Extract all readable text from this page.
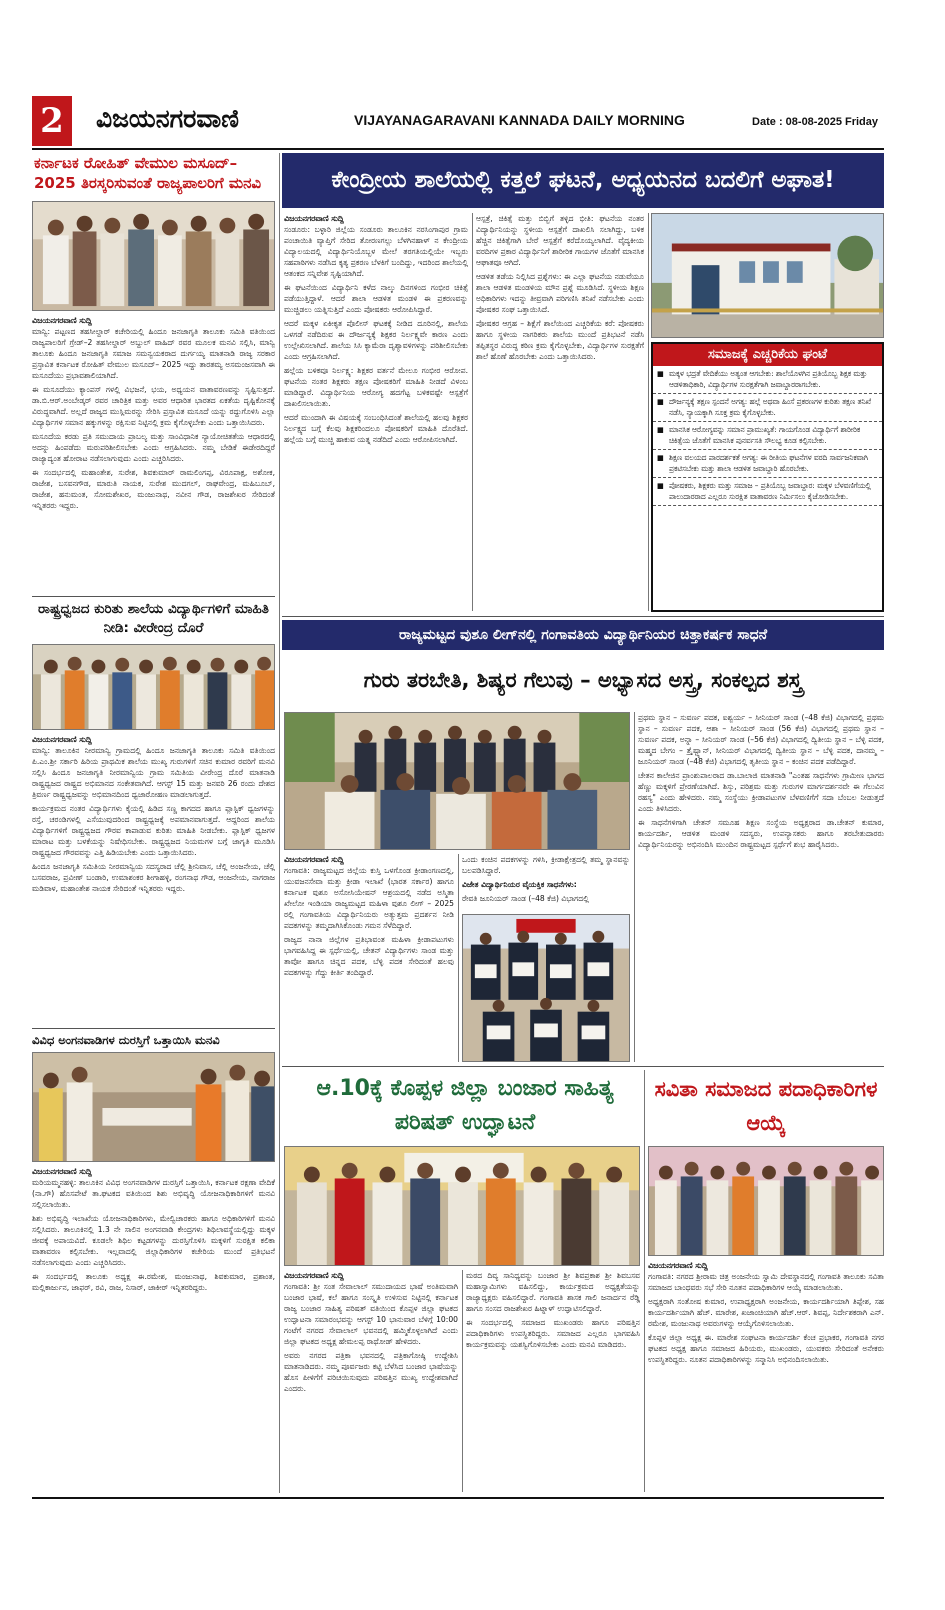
2	ವಿಜಯನಗರವಾಣಿ	VIJAYANAGARAVANI KANNADA DAILY MORNING	Date : 08-08-2025 Friday
ಕರ್ನಾಟಕ ರೋಹಿತ್ ವೇಮುಲ ಮಸೂದ್– 2025 ತಿರಸ್ಕರಿಸುವಂತೆ ರಾಜ್ಯಪಾಲರಿಗೆ ಮನವಿ

ವಿಜಯನಗರವಾಣಿ ಸುದ್ದಿ

ಮಾನ್ವಿ: ಪಟ್ಟಣದ ತಹಸೀಲ್ದಾರ್ ಕಚೇರಿಯಲ್ಲಿ ಹಿಂದೂ ಜನಜಾಗೃತಿ ತಾಲೂಕು ಸಮಿತಿ ವತಿಯಿಂದ ರಾಜ್ಯಪಾಲರಿಗೆ ಗ್ರೇಡ್–2 ತಹಸೀಲ್ದಾರ್ ಅಬ್ದುಲ್ ವಾಹಿದ್ ರವರ ಮೂಲಕ ಮನವಿ ಸಲ್ಲಿಸಿ, ಮಾನ್ವಿ ತಾಲೂಕು ಹಿಂದೂ ಜನಜಾಗೃತಿ ಸಮಾಜ ಸಮನ್ವಯಕರಾದ ದುರ್ಗಯ್ಯ ಮಾತನಾಡಿ ರಾಜ್ಯ ಸರಕಾರ ಪ್ರಸ್ತಾವಿತ ಕರ್ನಾಟಕ ರೋಹಿತ್ ವೇಮುಲ ಮಸೂದ್– 2025 ಇದ್ದು ತಾರತಮ್ಯ ಅಸಮಂಜಸವಾಗಿ ಈ ಮಸೂದೆಯು ಪ್ರಭಾವಶಾಲಿಯಾಗಿದೆ.

ಈ ಮಸೂದೆಯು ಕ್ಯಾಂಪಸ್ ಗಳಲ್ಲಿ ವಿಭಜನೆ, ಭಯ, ಅಧ್ಯಯನ ವಾತಾವರಣವನ್ನು ಸೃಷ್ಟಿಸುತ್ತದೆ. ಡಾ.ಬಿ.ಆರ್.ಅಂಬೇಡ್ಕರ್ ರವರ ಚಾರಿತ್ರಿಕ ಮತ್ತು ಅವರ ಆಧಾರಿತ ಭಾರತದ ಏಕತೆಯ ದೃಷ್ಟಿಕೋನಕ್ಕೆ ವಿರುದ್ಧವಾಗಿದೆ. ಅಲ್ಲದೆ ರಾಜ್ಯದ ಮುಸ್ಲಿಮರನ್ನು ಸೇರಿಸಿ ಪ್ರಸ್ತಾವಿತ ಮಸೂದೆ ಯನ್ನು ರದ್ದುಗೊಳಿಸಿ ಎಲ್ಲಾ ವಿದ್ಯಾರ್ಥಿಗಳ ಸಮಾನ ಹಕ್ಕುಗಳನ್ನು ರಕ್ಷಿಸುವ ನಿಟ್ಟಿನಲ್ಲಿ ಕ್ರಮ ಕೈಗೊಳ್ಳಬೇಕು ಎಂದು ಒತ್ತಾಯಿಸಿದರು.

ಮಸೂದೆಯ ಕರಡು ಪ್ರತಿ ಸಮುದಾಯ ಪ್ರಾಬಲ್ಯ ಮತ್ತು ಸಾಂವಿಧಾನಿಕ ನ್ಯಾಯೋಚಿತತೆಯ ಆಧಾರದಲ್ಲಿ ಅದನ್ನು ಹಿಂಪಡೆದು ಮರುಪರಿಶೀಲಿಸಬೇಕು ಎಂದು ಆಗ್ರಹಿಸಿದರು. ನಮ್ಮ ಬೇಡಿಕೆ ಈಡೇರದಿದ್ದರೆ ರಾಜ್ಯಾದ್ಯಂತ ಹೋರಾಟ ನಡೆಸಲಾಗುವುದು ಎಂದು ಎಚ್ಚರಿಸಿದರು.

ಈ ಸಂದರ್ಭದಲ್ಲಿ ಮಹಾಂತೇಶ, ಸುರೇಶ, ಶಿವಕುಮಾರ್ ರಾಮಲಿಂಗಪ್ಪ, ವಿರೂಪಾಕ್ಷ, ಅಶೋಕ, ರಾಜೇಶ, ಬಸವನಗೌಡ, ಮಾರುತಿ ನಾಯಕ, ಸುರೇಶ ಮುದಗಲ್, ರಾಘವೇಂದ್ರ, ಮಹಿಬೂಬ್, ರಾಜೇಶ, ಹನುಮಂತ, ಸೋಮಶೇಖರ, ಮಂಜುನಾಥ, ನವೀನ ಗೌಡ, ರಾಜಶೇಖರ ಸೇರಿದಂತೆ ಇನ್ನಿತರರು ಇದ್ದರು.

ರಾಷ್ಟ್ರಧ್ವಜದ ಕುರಿತು ಶಾಲೆಯ ವಿದ್ಯಾರ್ಥಿಗಳಿಗೆ ಮಾಹಿತಿ ನೀಡಿ: ವೀರೇಂದ್ರ ದೊರೆ

ವಿಜಯನಗರವಾಣಿ ಸುದ್ದಿ

ಮಾನ್ವಿ: ತಾಲೂಕಿನ ನೀರಮಾನ್ವಿ ಗ್ರಾಮದಲ್ಲಿ ಹಿಂದೂ ಜನಜಾಗೃತಿ ತಾಲೂಕು ಸಮಿತಿ ವತಿಯಿಂದ ಪಿ.ಎಂ.ಶ್ರೀ ಸರ್ಕಾರಿ ಹಿರಿಯ ಪ್ರಾಥಮಿಕ ಶಾಲೆಯ ಮುಖ್ಯ ಗುರುಗಳಿಗೆ ಸಚಿನ ಕುಮಾರ ರವರಿಗೆ ಮನವಿ ಸಲ್ಲಿಸಿ ಹಿಂದೂ ಜನಜಾಗೃತಿ ನೀರಮಾನ್ವಿಯ ಗ್ರಾಮ ಸಮಿತಿಯ ವೀರೇಂದ್ರ ದೊರೆ ಮಾತನಾಡಿ ರಾಷ್ಟ್ರಧ್ವಜದ ರಾಷ್ಟ್ರದ ಅಭಿಮಾನದ ಸಂಕೇತವಾಗಿದೆ. ಆಗಸ್ಟ್ 15 ಮತ್ತು ಜನವರಿ 26 ರಂದು ದೇಶದ ತ್ರಿವರ್ಣ ರಾಷ್ಟ್ರಧ್ವಜವನ್ನು ಅಭಿಮಾನದಿಂದ ಧ್ವಜಾರೋಹಣ ಮಾಡಲಾಗುತ್ತದೆ.

ಕಾರ್ಯಕ್ರಮದ ನಂತರ ವಿದ್ಯಾರ್ಥಿಗಳು ಕೈಯಲ್ಲಿ ಹಿಡಿದ ಸಣ್ಣ ಕಾಗದದ ಹಾಗೂ ಪ್ಲಾಸ್ಟಿಕ್ ಧ್ವಜಗಳನ್ನು ರಸ್ತೆ, ಚರಂಡಿಗಳಲ್ಲಿ ಎಸೆಯುವುದರಿಂದ ರಾಷ್ಟ್ರಧ್ವಜಕ್ಕೆ ಅಪಮಾನವಾಗುತ್ತದೆ. ಆದ್ದರಿಂದ ಶಾಲೆಯ ವಿದ್ಯಾರ್ಥಿಗಳಿಗೆ ರಾಷ್ಟ್ರಧ್ವಜದ ಗೌರವ ಕಾಪಾಡುವ ಕುರಿತು ಮಾಹಿತಿ ನೀಡಬೇಕು. ಪ್ಲಾಸ್ಟಿಕ್ ಧ್ವಜಗಳ ಮಾರಾಟ ಮತ್ತು ಬಳಕೆಯನ್ನು ನಿಷೇಧಿಸಬೇಕು. ರಾಷ್ಟ್ರಧ್ವಜದ ನಿಯಮಗಳ ಬಗ್ಗೆ ಜಾಗೃತಿ ಮೂಡಿಸಿ ರಾಷ್ಟ್ರಧ್ವಜದ ಗೌರವವನ್ನು ಎತ್ತಿ ಹಿಡಿಯಬೇಕು ಎಂದು ಒತ್ತಾಯಿಸಿದರು.

ಹಿಂದೂ ಜನಜಾಗೃತಿ ಸಮಿತಿಯ ನೀರಮಾನ್ವಿಯ ಸದಸ್ಯರಾದ ಚೆಲ್ಲಿ ಶ್ರೀನಿವಾಸ, ಚೆಲ್ಲಿ ಅಂಜನೇಯ, ಚೆಲ್ಲಿ ಬಸವರಾಜ, ಪ್ರವೀಣ್ ಬಂಡಾರಿ, ಉಮಾಶಂಕರ ಶೀಗಾಹಳ್ಳಿ, ರಂಗನಾಥ ಗೌಡ, ಆಂಜನೇಯ, ನಾಗರಾಜ ಮಡಿವಾಳ, ಮಹಾಂತೇಶ ನಾಯಕ ಸೇರಿದಂತೆ ಇನ್ನಿತರರು ಇದ್ದರು.

ವಿವಿಧ ಅಂಗನವಾಡಿಗಳ ದುರಸ್ತಿಗೆ ಒತ್ತಾಯಿಸಿ ಮನವಿ

ವಿಜಯನಗರವಾಣಿ ಸುದ್ದಿ

ಮರಿಯಮ್ಮನಹಳ್ಳಿ: ತಾಲೂಕಿನ ವಿವಿಧ ಅಂಗನವಾಡಿಗಳ ದುರಸ್ತಿಗೆ ಒತ್ತಾಯಿಸಿ, ಕರ್ನಾಟಕ ರಕ್ಷಣಾ ವೇದಿಕೆ (ನಾ.ಗೌ) ಹೊಸಪೇಟೆ ತಾ.ಘಟಕದ ವತಿಯಿಂದ ಶಿಶು ಅಭಿವೃದ್ಧಿ ಯೋಜನಾಧಿಕಾರಿಗಳಿಗೆ ಮನವಿ ಸಲ್ಲಿಸಲಾಯಿತು.

ಶಿಶು ಅಭಿವೃದ್ಧಿ ಇಲಾಖೆಯ ಯೋಜನಾಧಿಕಾರಿಗಳು, ಮೇಲ್ವಿಚಾರಕರು ಹಾಗೂ ಅಧಿಕಾರಿಗಳಿಗೆ ಮನವಿ ಸಲ್ಲಿಸಿದರು. ತಾಲೂಕಿನಲ್ಲಿ 1.3 ನೇ ಸಾಲಿನ ಅಂಗನವಾಡಿ ಕೇಂದ್ರಗಳು ಶಿಥಿಲಾವಸ್ಥೆಯಲ್ಲಿದ್ದು ಮಕ್ಕಳ ಜೀವಕ್ಕೆ ಅಪಾಯವಿದೆ. ಕೂಡಲೇ ಶಿಥಿಲ ಕಟ್ಟಡಗಳನ್ನು ದುರಸ್ತಿಗೊಳಿಸಿ ಮಕ್ಕಳಿಗೆ ಸುರಕ್ಷಿತ ಕಲಿಕಾ ವಾತಾವರಣ ಕಲ್ಪಿಸಬೇಕು. ಇಲ್ಲವಾದಲ್ಲಿ ಜಿಲ್ಲಾಧಿಕಾರಿಗಳ ಕಚೇರಿಯ ಮುಂದೆ ಪ್ರತಿಭಟನೆ ನಡೆಸಲಾಗುವುದು ಎಂದು ಎಚ್ಚರಿಸಿದರು.

ಈ ಸಂದರ್ಭದಲ್ಲಿ ತಾಲೂಕು ಅಧ್ಯಕ್ಷ ಈ.ರಮೇಶ, ಮಂಜುನಾಥ, ಶಿವಕುಮಾರ, ಪ್ರಶಾಂತ, ಮಲ್ಲಿಕಾರ್ಜುನ, ಜಾಫರ್, ರವಿ, ರಾಜ, ನಿಸಾರ್, ಜಾಕೀರ್ ಇನ್ನಿತರರಿದ್ದರು.

ಕೇಂದ್ರೀಯ ಶಾಲೆಯಲ್ಲಿ ಕತ್ತಲೆ ಘಟನೆ, ಅಧ್ಯಯನದ ಬದಲಿಗೆ ಅಘಾತ!

ವಿಜಯನಗರವಾಣಿ ಸುದ್ದಿ

ಸಂಡೂರು: ಬಳ್ಳಾರಿ ಜಿಲ್ಲೆಯ ಸಂಡೂರು ತಾಲೂಕಿನ ನರಸಿಂಗಾಪುರ ಗ್ರಾಮ ಪಂಚಾಯಿತಿ ವ್ಯಾಪ್ತಿಗೆ ಸೇರಿದ ತೋರಣಗಲ್ಲು ಬೆಳಗಿನಹಾಳ್ ನ ಕೇಂದ್ರೀಯ ವಿದ್ಯಾಲಯದಲ್ಲಿ ವಿದ್ಯಾರ್ಥಿನಿಯೊಬ್ಬಳ ಮೇಲೆ ತರಗತಿಯಲ್ಲಿಯೇ ಇಬ್ಬರು ಸಹಪಾಠಿಗಳು ನಡೆಸಿದ ಕೃತ್ಯ ಪ್ರಕರಣ ಬೆಳಕಿಗೆ ಬಂದಿದ್ದು, ಇದರಿಂದ ಶಾಲೆಯಲ್ಲಿ ಆತಂಕದ ಸನ್ನಿವೇಶ ಸೃಷ್ಟಿಯಾಗಿದೆ.

ಈ ಘಟನೆಯಿಂದ ವಿದ್ಯಾರ್ಥಿನಿ ಕಳೆದ ನಾಲ್ಕು ದಿನಗಳಿಂದ ಗಂಭೀರ ಚಿಕಿತ್ಸೆ ಪಡೆಯುತ್ತಿದ್ದಾಳೆ. ಆದರೆ ಶಾಲಾ ಆಡಳಿತ ಮಂಡಳಿ ಈ ಪ್ರಕರಣವನ್ನು ಮುಚ್ಚಿಡಲು ಯತ್ನಿಸುತ್ತಿದೆ ಎಂದು ಪೋಷಕರು ಆರೋಪಿಸಿದ್ದಾರೆ.

ಆದರೆ ಮಕ್ಕಳ ಏಕೀಕೃತ ಪೊಲೀಸ್ ಘಟಕಕ್ಕೆ ನೀಡಿದ ದೂರಿನಲ್ಲಿ, ಶಾಲೆಯ ಒಳಗಡೆ ನಡೆದಿರುವ ಈ ದೌರ್ಜನ್ಯಕ್ಕೆ ಶಿಕ್ಷಕರ ನಿರ್ಲಕ್ಷ್ಯವೇ ಕಾರಣ ಎಂದು ಉಲ್ಲೇಖಿಸಲಾಗಿದೆ. ಶಾಲೆಯ ಸಿಸಿ ಕ್ಯಾಮೆರಾ ದೃಶ್ಯಾವಳಿಗಳನ್ನು ಪರಿಶೀಲಿಸಬೇಕು ಎಂದು ಆಗ್ರಹಿಸಲಾಗಿದೆ.

ಹಲ್ಲೆಯ ಬಳಿಕವೂ ನಿರ್ಲಕ್ಷ್ಯ: ಶಿಕ್ಷಕರ ವರ್ತನೆ ಮೇಲೂ ಗಂಭೀರ ಆರೋಪ. ಘಟನೆಯ ನಂತರ ಶಿಕ್ಷಕರು ತಕ್ಷಣ ಪೋಷಕರಿಗೆ ಮಾಹಿತಿ ನೀಡದೆ ವಿಳಂಬ ಮಾಡಿದ್ದಾರೆ. ವಿದ್ಯಾರ್ಥಿನಿಯ ಆರೋಗ್ಯ ಹದಗೆಟ್ಟ ಬಳಿಕವಷ್ಟೇ ಆಸ್ಪತ್ರೆಗೆ ದಾಖಲಿಸಲಾಯಿತು.

ಆದರೆ ಮುಂದಾಗಿ ಈ ವಿಷಯಕ್ಕೆ ಸಂಬಂಧಿಸಿದಂತೆ ಶಾಲೆಯಲ್ಲಿ ಹಲವು ಶಿಕ್ಷಕರ ನಿರ್ಲಕ್ಷ್ಯದ ಬಗ್ಗೆ ಕೆಲವು ಶಿಕ್ಷಕರಿಂದಲೂ ಪೋಷಕರಿಗೆ ಮಾಹಿತಿ ದೊರೆತಿದೆ. ಹಲ್ಲೆಯ ಬಗ್ಗೆ ಮುಚ್ಚಿ ಹಾಕುವ ಯತ್ನ ನಡೆದಿದೆ ಎಂದು ಆರೋಪಿಸಲಾಗಿದೆ.

ಆಸ್ಪತ್ರೆ, ಚಿಕಿತ್ಸೆ ಮತ್ತು ಬಿಬ್ಬಿಗೆ ತಳ್ಳಿದ ಭೀತಿ: ಘಟನೆಯ ನಂತರ ವಿದ್ಯಾರ್ಥಿನಿಯನ್ನು ಸ್ಥಳೀಯ ಆಸ್ಪತ್ರೆಗೆ ದಾಖಲಿಸಿ ಸಲಾಗಿದ್ದು, ಬಳಿಕ ಹೆಚ್ಚಿನ ಚಿಕಿತ್ಸೆಗಾಗಿ ಬೇರೆ ಆಸ್ಪತ್ರೆಗೆ ಕರೆದೊಯ್ಯಲಾಗಿದೆ. ವೈದ್ಯಕೀಯ ವರದಿಗಳ ಪ್ರಕಾರ ವಿದ್ಯಾರ್ಥಿನಿಗೆ ಶಾರೀರಿಕ ಗಾಯಗಳ ಜೊತೆಗೆ ಮಾನಸಿಕ ಆಘಾತವೂ ಆಗಿದೆ.

ಆಡಳಿತ ತಡೆಯ ನಿಲ್ಲಿಸಿದ ಪ್ರಶ್ನೆಗಳು: ಈ ಎಲ್ಲಾ ಘಟನೆಯ ನಡುವೆಯೂ ಶಾಲಾ ಆಡಳಿತ ಮಂಡಳಿಯ ಮೌನ ಪ್ರಶ್ನೆ ಮೂಡಿಸಿದೆ. ಸ್ಥಳೀಯ ಶಿಕ್ಷಣ ಅಧಿಕಾರಿಗಳು ಇದನ್ನು ತೀವ್ರವಾಗಿ ಪರಿಗಣಿಸಿ ತನಿಖೆ ನಡೆಸಬೇಕು ಎಂದು ಪೋಷಕರ ಸಂಘ ಒತ್ತಾಯಿಸಿದೆ.

ಪೋಷಕರ ಆಗ್ರಹ – ಶಿಕ್ಷೆಗೆ ಶಾಲೆಯಿಂದ ಎಚ್ಚರಿಕೆಯ ಕರೆ: ಪೋಷಕರು ಹಾಗೂ ಸ್ಥಳೀಯ ನಾಗರಿಕರು ಶಾಲೆಯ ಮುಂದೆ ಪ್ರತಿಭಟನೆ ನಡೆಸಿ ತಪ್ಪಿತಸ್ಥರ ವಿರುದ್ಧ ಕಠಿಣ ಕ್ರಮ ಕೈಗೊಳ್ಳಬೇಕು, ವಿದ್ಯಾರ್ಥಿಗಳ ಸುರಕ್ಷತೆಗೆ ಶಾಲೆ ಹೊಣೆ ಹೊರಬೇಕು ಎಂದು ಒತ್ತಾಯಿಸಿದರು.	ಸಮಾಜಕ್ಕೆ ಎಚ್ಚರಿಕೆಯ ಘಂಟೆ
■ ಮಕ್ಕಳ ಭದ್ರತೆ ವೇದಿಕೆಯು ಅತ್ಯಂತ ಆಗಬೇಕು: ಶಾಲೆಯೊಳಗಿನ ಪ್ರತಿಯೊಬ್ಬ ಶಿಕ್ಷಕ ಮತ್ತು ಆಡಳಿತಾಧಿಕಾರಿ, ವಿದ್ಯಾರ್ಥಿಗಳ ಸುರಕ್ಷತೆಗಾಗಿ ಜವಾಬ್ದಾರರಾಗಬೇಕು.
■ ದೌರ್ಜನ್ಯಕ್ಕೆ ತಕ್ಷಣ ಸ್ಪಂದನೆ ಅಗತ್ಯ: ಹಲ್ಲೆ ಅಥವಾ ಹಿಂಸೆ ಪ್ರಕರಣಗಳ ಕುರಿತು ತಕ್ಷಣ ತನಿಖೆ ನಡೆಸಿ, ನ್ಯಾಯಕ್ಕಾಗಿ ಸೂಕ್ತ ಕ್ರಮ ಕೈಗೊಳ್ಳಬೇಕು.
■ ಮಾನಸಿಕ ಆರೋಗ್ಯವನ್ನು ಸಮಾನ ಪ್ರಾಮುಖ್ಯತೆ: ಗಾಯಗೊಂಡ ವಿದ್ಯಾರ್ಥಿಗೆ ಶಾರೀರಿಕ ಚಿಕಿತ್ಸೆಯ ಜೊತೆಗೆ ಮಾನಸಿಕ ಪುನರ್ವಸತಿ ಸೌಲಭ್ಯ ಕೂಡ ಕಲ್ಪಿಸಬೇಕು.
■ ಶಿಕ್ಷಣ ವಲಯದ ಪಾರದರ್ಶಕತೆ ಅಗತ್ಯ: ಈ ರೀತಿಯ ಘಟನೆಗಳ ವರದಿ ಸಾರ್ವಜನಿಕವಾಗಿ ಪ್ರಕಟಿಸಬೇಕು ಮತ್ತು ಶಾಲಾ ಆಡಳಿತ ಜವಾಬ್ದಾರಿ ಹೊರಬೇಕು.
■ ಪೋಷಕರು, ಶಿಕ್ಷಕರು ಮತ್ತು ಸಮಾಜ – ಪ್ರತಿಯೊಬ್ಬ ಜವಾಬ್ದಾರ: ಮಕ್ಕಳ ಬೆಳವಣಿಗೆಯಲ್ಲಿ ಪಾಲುದಾರರಾದ ಎಲ್ಲರೂ ಸುರಕ್ಷಿತ ವಾತಾವರಣ ನಿರ್ಮಿಸಲು ಕೈಜೋಡಿಸಬೇಕು.
ರಾಜ್ಯಮಟ್ಟದ ವುಶೂ ಲೀಗ್‌ನಲ್ಲಿ ಗಂಗಾವತಿಯ ವಿದ್ಯಾರ್ಥಿನಿಯರ ಚಿತ್ತಾಕರ್ಷಕ ಸಾಧನೆ
ಗುರು ತರಬೇತಿ, ಶಿಷ್ಯರ ಗೆಲುವು – ಅಭ್ಯಾಸದ ಅಸ್ತ್ರ, ಸಂಕಲ್ಪದ ಶಸ್ತ್ರ

ವಿಜಯನಗರವಾಣಿ ಸುದ್ದಿ

ಗಂಗಾವತಿ: ರಾಜ್ಯಮಟ್ಟದ ಜಿಲ್ಲೆಯ ಕುಸ್ತಿ ಒಳಗೊಂಡ ಕ್ರೀಡಾಂಗಣದಲ್ಲಿ, ಯುವಜನಸೇವಾ ಮತ್ತು ಕ್ರೀಡಾ ಇಲಾಖೆ (ಭಾರತ ಸರ್ಕಾರ) ಹಾಗೂ ಕರ್ನಾಟಕ ವುಶೂ ಅಸೋಸಿಯೇಷನ್ ಆಶ್ರಯದಲ್ಲಿ ನಡೆದ ಅಸ್ಮಿತಾ ಖೇಲೋ ಇಂಡಿಯಾ ರಾಜ್ಯಮಟ್ಟದ ಮಹಿಳಾ ವುಶೂ ಲೀಗ್ – 2025 ರಲ್ಲಿ ಗಂಗಾವತಿಯ ವಿದ್ಯಾರ್ಥಿನಿಯರು ಅತ್ಯುತ್ತಮ ಪ್ರದರ್ಶನ ನೀಡಿ ಪದಕಗಳನ್ನು ತಮ್ಮದಾಗಿಸಿಕೊಂಡು ಗಮನ ಸೆಳೆದಿದ್ದಾರೆ.

ರಾಜ್ಯದ ನಾನಾ ಜಿಲ್ಲೆಗಳ ಪ್ರತಿಭಾವಂತ ಮಹಿಳಾ ಕ್ರೀಡಾಪಟುಗಳು ಭಾಗವಹಿಸಿದ್ದ ಈ ಸ್ಪರ್ಧೆಯಲ್ಲಿ, ಚೇತನ್ ವಿದ್ಯಾರ್ಥಿಗಳು ಸಾಂಡ ಮತ್ತು ತಾವೋ ಹಾಗೂ ಚಿನ್ನದ ಪದಕ, ಬೆಳ್ಳಿ ಪದಕ ಸೇರಿದಂತೆ ಹಲವು ಪದಕಗಳನ್ನು ಗೆದ್ದು ಕೀರ್ತಿ ತಂದಿದ್ದಾರೆ.

ಒಂದು ಕಂಚಿನ ಪದಕಗಳನ್ನು ಗಳಿಸಿ, ಕ್ರೀಡಾಕ್ಷೇತ್ರದಲ್ಲಿ ತಮ್ಮ ಸ್ಥಾನವನ್ನು ಬಲಪಡಿಸಿದ್ದಾರೆ.

ವಿಜೇತ ವಿದ್ಯಾರ್ಥಿನಿಯರ ವೈಯಕ್ತಿಕ ಸಾಧನೆಗಳು:

ರೇವತಿ ಜೂನಿಯರ್ ಸಾಂಡ (–48 ಕೆಜಿ) ವಿಭಾಗದಲ್ಲಿ

ಪ್ರಥಮ ಸ್ಥಾನ – ಸುವರ್ಣ ಪದಕ, ಐಶ್ವರ್ಯ – ಸೀನಿಯರ್ ಸಾಂಡ (–48 ಕೆಜಿ) ವಿಭಾಗದಲ್ಲಿ ಪ್ರಥಮ ಸ್ಥಾನ – ಸುವರ್ಣ ಪದಕ, ಆಶಾ – ಸೀನಿಯರ್ ಸಾಂಡ (56 ಕೆಜಿ) ವಿಭಾಗದಲ್ಲಿ ಪ್ರಥಮ ಸ್ಥಾನ – ಸುವರ್ಣ ಪದಕ, ಅನ್ನಾ – ಸೀನಿಯರ್ ಸಾಂಡ (–56 ಕೆಜಿ) ವಿಭಾಗದಲ್ಲಿ ದ್ವಿತೀಯ ಸ್ಥಾನ – ಬೆಳ್ಳಿ ಪದಕ, ಮಹ್ಮದ ಬೇಗಂ – ತ್ರೈಷ್ಟ್ಯಾನ್, ಸೀನಿಯರ್ ವಿಭಾಗದಲ್ಲಿ ದ್ವಿತೀಯ ಸ್ಥಾನ – ಬೆಳ್ಳಿ ಪದಕ, ದಾನಮ್ಮ – ಜೂನಿಯರ್ ಸಾಂಡ (–48 ಕೆಜಿ) ವಿಭಾಗದಲ್ಲಿ ತೃತೀಯ ಸ್ಥಾನ – ಕಂಚಿನ ಪದಕ ಪಡೆದಿದ್ದಾರೆ.

ಚೇತನ ಕಾಲೇಜಿನ ಪ್ರಾಂಶುಪಾಲರಾದ ಡಾ.ಬಾಲಾಜಿ ಮಾತನಾಡಿ "ಎಂತಹ ಸಾಧನೆಗಳು ಗ್ರಾಮೀಣ ಭಾಗದ ಹೆಣ್ಣು ಮಕ್ಕಳಿಗೆ ಪ್ರೇರಣೆಯಾಗಿದೆ. ಶಿಸ್ತು, ಪರಿಶ್ರಮ ಮತ್ತು ಗುರುಗಳ ಮಾರ್ಗದರ್ಶನವೇ ಈ ಗೆಲುವಿನ ರಹಸ್ಯ" ಎಂದು ಹೇಳಿದರು. ನಮ್ಮ ಸಂಸ್ಥೆಯು ಕ್ರೀಡಾಪಟುಗಳ ಬೆಳವಣಿಗೆಗೆ ಸದಾ ಬೆಂಬಲ ನೀಡುತ್ತದೆ ಎಂದು ತಿಳಿಸಿದರು.

ಈ ಸಾಧನೆಗಳಿಗಾಗಿ ಚೇತನ್ ಸಮೂಹ ಶಿಕ್ಷಣ ಸಂಸ್ಥೆಯ ಅಧ್ಯಕ್ಷರಾದ ಡಾ.ಚೇತನ್ ಕುಮಾರ, ಕಾರ್ಯದರ್ಶಿ, ಆಡಳಿತ ಮಂಡಳಿ ಸದಸ್ಯರು, ಉಪನ್ಯಾಸಕರು ಹಾಗೂ ತರಬೇತುದಾರರು ವಿದ್ಯಾರ್ಥಿನಿಯರನ್ನು ಅಭಿನಂದಿಸಿ ಮುಂದಿನ ರಾಷ್ಟ್ರಮಟ್ಟದ ಸ್ಪರ್ಧೆಗೆ ಶುಭ ಹಾರೈಸಿದರು.

ಆ.10ಕ್ಕೆ ಕೊಪ್ಪಳ ಜಿಲ್ಲಾ ಬಂಜಾರ ಸಾಹಿತ್ಯ ಪರಿಷತ್ ಉದ್ಘಾಟನೆ

ವಿಜಯನಗರವಾಣಿ ಸುದ್ದಿ

ಗಂಗಾವತಿ: ಶ್ರೀ ಸಂತ ಸೇವಾಲಾಲ್ ಸಮುದಾಯದ ಭಾಷೆ ಅಂತಿಮವಾಗಿ ಬಂಜಾರ ಭಾಷೆ, ಕಲೆ ಹಾಗೂ ಸಂಸ್ಕೃತಿ ಉಳಿಸುವ ನಿಟ್ಟಿನಲ್ಲಿ ಕರ್ನಾಟಕ ರಾಜ್ಯ ಬಂಜಾರ ಸಾಹಿತ್ಯ ಪರಿಷತ್ ವತಿಯಿಂದ ಕೊಪ್ಪಳ ಜಿಲ್ಲಾ ಘಟಕದ ಉದ್ಘಾಟನಾ ಸಮಾರಂಭವನ್ನು ಆಗಸ್ಟ್ 10 ಭಾನುವಾರ ಬೆಳಿಗ್ಗೆ 10:00 ಗಂಟೆಗೆ ನಗರದ ಸೇವಾಲಾಲ್ ಭವನದಲ್ಲಿ ಹಮ್ಮಿಕೊಳ್ಳಲಾಗಿದೆ ಎಂದು ಜಿಲ್ಲಾ ಘಟಕದ ಅಧ್ಯಕ್ಷ ಹೇಮಲಪ್ಪ ರಾಥೋಡ್ ಹೇಳಿದರು.

ಅವರು ನಗರದ ಪತ್ರಿಕಾ ಭವನದಲ್ಲಿ ಪತ್ರಿಕಾಗೋಷ್ಠಿ ಉದ್ದೇಶಿಸಿ ಮಾತನಾಡಿದರು. ನಮ್ಮ ಪೂರ್ವಜರು ಕಟ್ಟಿ ಬೆಳೆಸಿದ ಬಂಜಾರ ಭಾಷೆಯನ್ನು ಹೊಸ ಪೀಳಿಗೆಗೆ ಪರಿಚಯಿಸುವುದು ಪರಿಷತ್ತಿನ ಮುಖ್ಯ ಉದ್ದೇಶವಾಗಿದೆ ಎಂದರು.

ಮಠದ ದಿವ್ಯ ಸಾನಿಧ್ಯವನ್ನು ಬಂಜಾರ ಶ್ರೀ ಶಿವಪ್ರಕಾಶ ಶ್ರೀ ಶಿವಬಸವ ಮಹಾಸ್ವಾಮಿಗಳು ವಹಿಸಲಿದ್ದು, ಕಾರ್ಯಕ್ರಮದ ಅಧ್ಯಕ್ಷತೆಯನ್ನು ರಾಜ್ಯಾಧ್ಯಕ್ಷರು ವಹಿಸಲಿದ್ದಾರೆ. ಗಂಗಾವತಿ ಶಾಸಕ ಗಾಲಿ ಜನಾರ್ದನ ರೆಡ್ಡಿ ಹಾಗೂ ಸಂಸದ ರಾಜಶೇಖರ ಹಿಟ್ನಾಳ್ ಉದ್ಘಾಟಿಸಲಿದ್ದಾರೆ.

ಈ ಸಂದರ್ಭದಲ್ಲಿ ಸಮಾಜದ ಮುಖಂಡರು ಹಾಗೂ ಪರಿಷತ್ತಿನ ಪದಾಧಿಕಾರಿಗಳು ಉಪಸ್ಥಿತರಿದ್ದರು. ಸಮಾಜದ ಎಲ್ಲರೂ ಭಾಗವಹಿಸಿ ಕಾರ್ಯಕ್ರಮವನ್ನು ಯಶಸ್ವಿಗೊಳಿಸಬೇಕು ಎಂದು ಮನವಿ ಮಾಡಿದರು.

ಸವಿತಾ ಸಮಾಜದ ಪದಾಧಿಕಾರಿಗಳ ಆಯ್ಕೆ

ವಿಜಯನಗರವಾಣಿ ಸುದ್ದಿ

ಗಂಗಾವತಿ: ನಗರದ ಶ್ರೀರಾಮ ಚಿತ್ರ ಅಂಜನೇಯ ಸ್ವಾಮಿ ದೇವಸ್ಥಾನದಲ್ಲಿ ಗಂಗಾವತಿ ತಾಲೂಕು ಸವಿತಾ ಸಮಾಜದ ಬಾಂಧವರು ಸಭೆ ಸೇರಿ ನೂತನ ಪದಾಧಿಕಾರಿಗಳ ಆಯ್ಕೆ ಮಾಡಲಾಯಿತು.

ಅಧ್ಯಕ್ಷರಾಗಿ ಸಂತೋಷ ಕುಮಾರ, ಉಪಾಧ್ಯಕ್ಷರಾಗಿ ಅಂಜನೇಯ, ಕಾರ್ಯದರ್ಶಿಯಾಗಿ ತಿಪ್ಪೇಶ, ಸಹ ಕಾರ್ಯದರ್ಶಿಯಾಗಿ ಹೆಚ್. ಮಾರೇಶ, ಖಜಾಂಚಿಯಾಗಿ ಹೆಚ್.ಆರ್. ಶಿವಪ್ಪ, ನಿರ್ದೇಶಕರಾಗಿ ಎನ್. ರಮೇಶ, ಮಂಜುನಾಥ ಅವರುಗಳನ್ನು ಆಯ್ಕೆಗೊಳಿಸಲಾಯಿತು.

ಕೊಪ್ಪಳ ಜಿಲ್ಲಾ ಅಧ್ಯಕ್ಷ ಈ. ಮಾರೇಶ ಸಂಘಟನಾ ಕಾರ್ಯದರ್ಶಿ ಕೆಂಚ ಪ್ರಭಾಕರ, ಗಂಗಾವತಿ ನಗರ ಘಟಕದ ಅಧ್ಯಕ್ಷ ಹಾಗೂ ಸಮಾಜದ ಹಿರಿಯರು, ಮುಖಂಡರು, ಯುವಕರು ಸೇರಿದಂತೆ ಅನೇಕರು ಉಪಸ್ಥಿತರಿದ್ದರು. ನೂತನ ಪದಾಧಿಕಾರಿಗಳನ್ನು ಸನ್ಮಾನಿಸಿ ಅಭಿನಂದಿಸಲಾಯಿತು.
